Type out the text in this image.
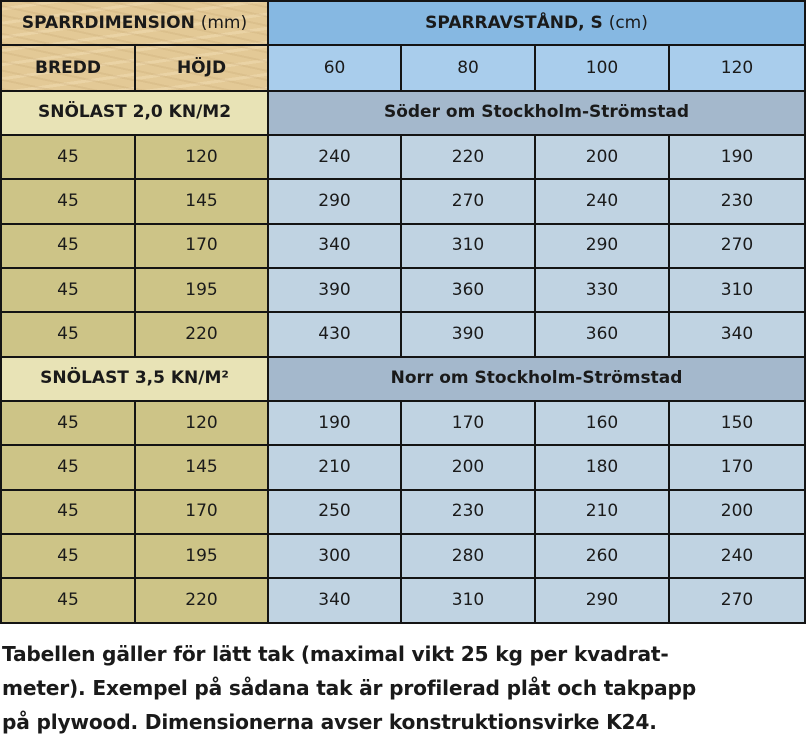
SPARRDIMENSION (mm)		SPARRAVSTÅND, S (cm)			
BREDD	HÖJD	60	80	100	120
SNÖLAST 2,0 KN/M2		Söder om Stockholm-Strömstad			
45	120	240	220	200	190
45	145	290	270	240	230
45	170	340	310	290	270
45	195	390	360	330	310
45	220	430	390	360	340
SNÖLAST 3,5 KN/M²		Norr om Stockholm-Strömstad			
45	120	190	170	160	150
45	145	210	200	180	170
45	170	250	230	210	200
45	195	300	280	260	240
45	220	340	310	290	270

Tabellen gäller för lätt tak (maximal vikt 25 kg per kvadrat-
meter). Exempel på sådana tak är profilerad plåt och takpapp
på plywood. Dimensionerna avser konstruktionsvirke K24.
